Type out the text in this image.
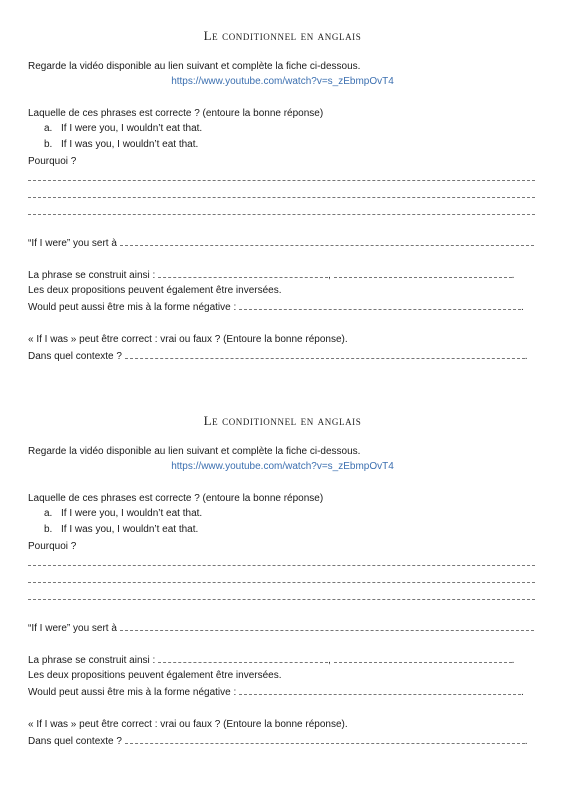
Le conditionnel en anglais
Regarde la vidéo disponible au lien suivant et complète la fiche ci-dessous.
https://www.youtube.com/watch?v=s_zEbmpOvT4
Laquelle de ces phrases est correcte ? (entoure la bonne réponse)
a. If I were you, I wouldn’t eat that.
b. If I was you, I wouldn’t eat that.
Pourquoi ?
“If I were” you sert à
La phrase se construit ainsi :	,	.
Les deux propositions peuvent également être inversées.
Would peut aussi être mis à la forme négative :	.
« If I was » peut être correct : vrai ou faux ? (Entoure la bonne réponse).
Dans quel contexte ?	.
Le conditionnel en anglais
Regarde la vidéo disponible au lien suivant et complète la fiche ci-dessous.
https://www.youtube.com/watch?v=s_zEbmpOvT4
Laquelle de ces phrases est correcte ? (entoure la bonne réponse)
a. If I were you, I wouldn’t eat that.
b. If I was you, I wouldn’t eat that.
Pourquoi ?
“If I were” you sert à
La phrase se construit ainsi :	,	.
Les deux propositions peuvent également être inversées.
Would peut aussi être mis à la forme négative :	.
« If I was » peut être correct : vrai ou faux ? (Entoure la bonne réponse).
Dans quel contexte ?	.
